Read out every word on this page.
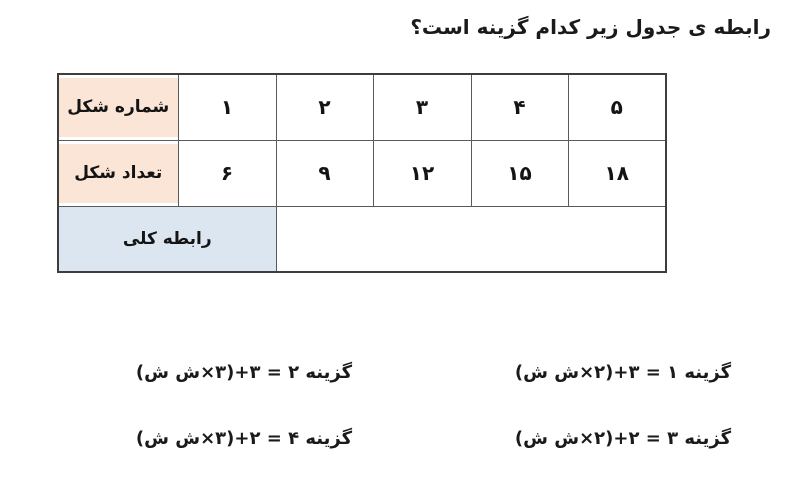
رابطه ی جدول زیر کدام گزینه است؟
شماره شکل	۱	۲	۳	۴	۵
تعداد شکل	۶	۹	۱۲	۱۵	۱۸
رابطه کلی					
گزینه ۱ = ۳+(۲×ش ش)
گزینه ۲ = ۳+(۳×ش ش)
گزینه ۳ = ۲+(۲×ش ش)
گزینه ۴ = ۲+(۳×ش ش)
